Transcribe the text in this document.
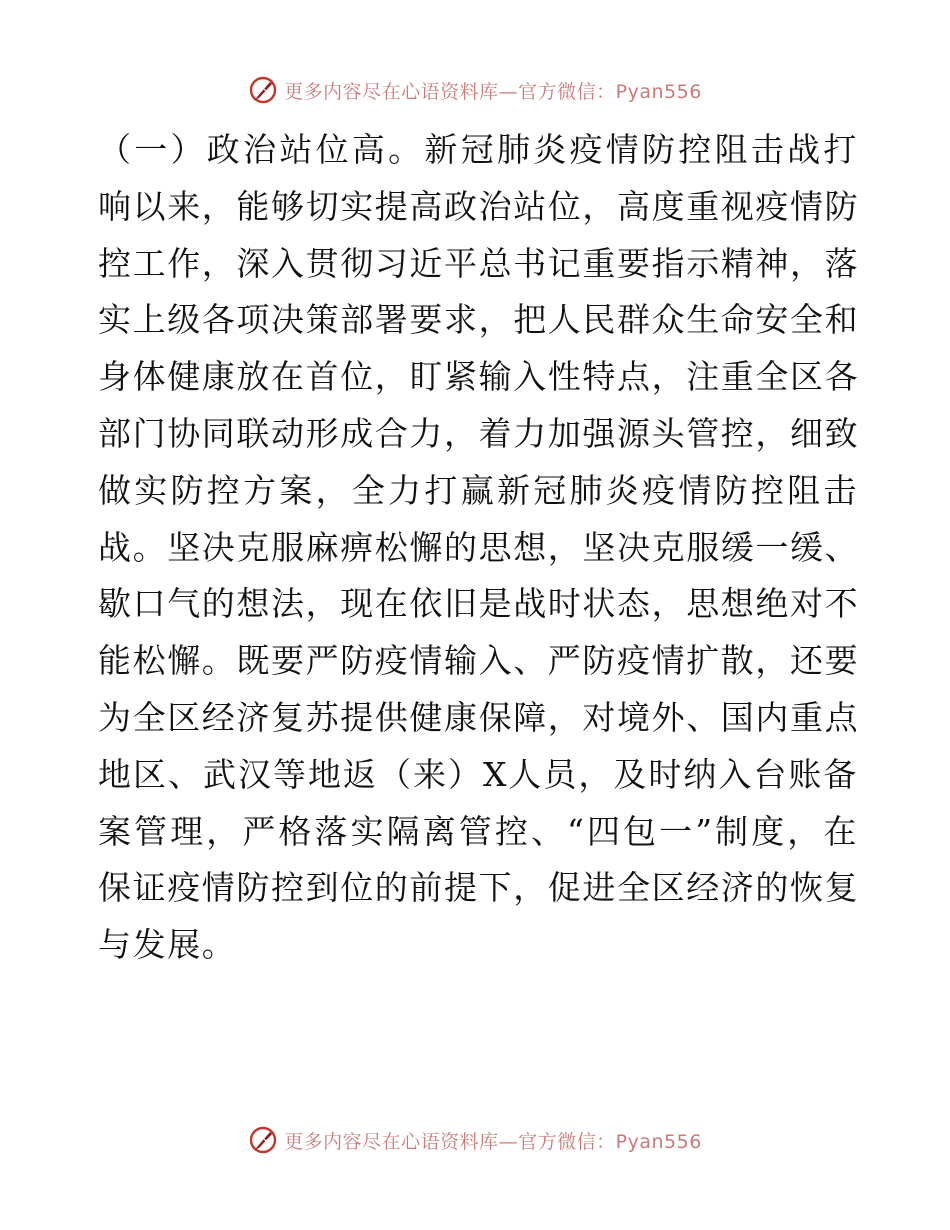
更多内容尽在心语资料库—官方微信：Pyan556

（一）政治站位高。新冠肺炎疫情防控阻击战打
响以来，能够切实提高政治站位，高度重视疫情防
控工作，深入贯彻习近平总书记重要指示精神，落
实上级各项决策部署要求，把人民群众生命安全和
身体健康放在首位，盯紧输入性特点，注重全区各
部门协同联动形成合力，着力加强源头管控，细致
做实防控方案，全力打赢新冠肺炎疫情防控阻击
战。坚决克服麻痹松懈的思想，坚决克服缓一缓、
歇口气的想法，现在依旧是战时状态，思想绝对不
能松懈。既要严防疫情输入、严防疫情扩散，还要
为全区经济复苏提供健康保障，对境外、国内重点
地区、武汉等地返（来）X人员，及时纳入台账备
案管理，严格落实隔离管控、“四包一”制度，在
保证疫情防控到位的前提下，促进全区经济的恢复
与发展。

更多内容尽在心语资料库—官方微信：Pyan556
